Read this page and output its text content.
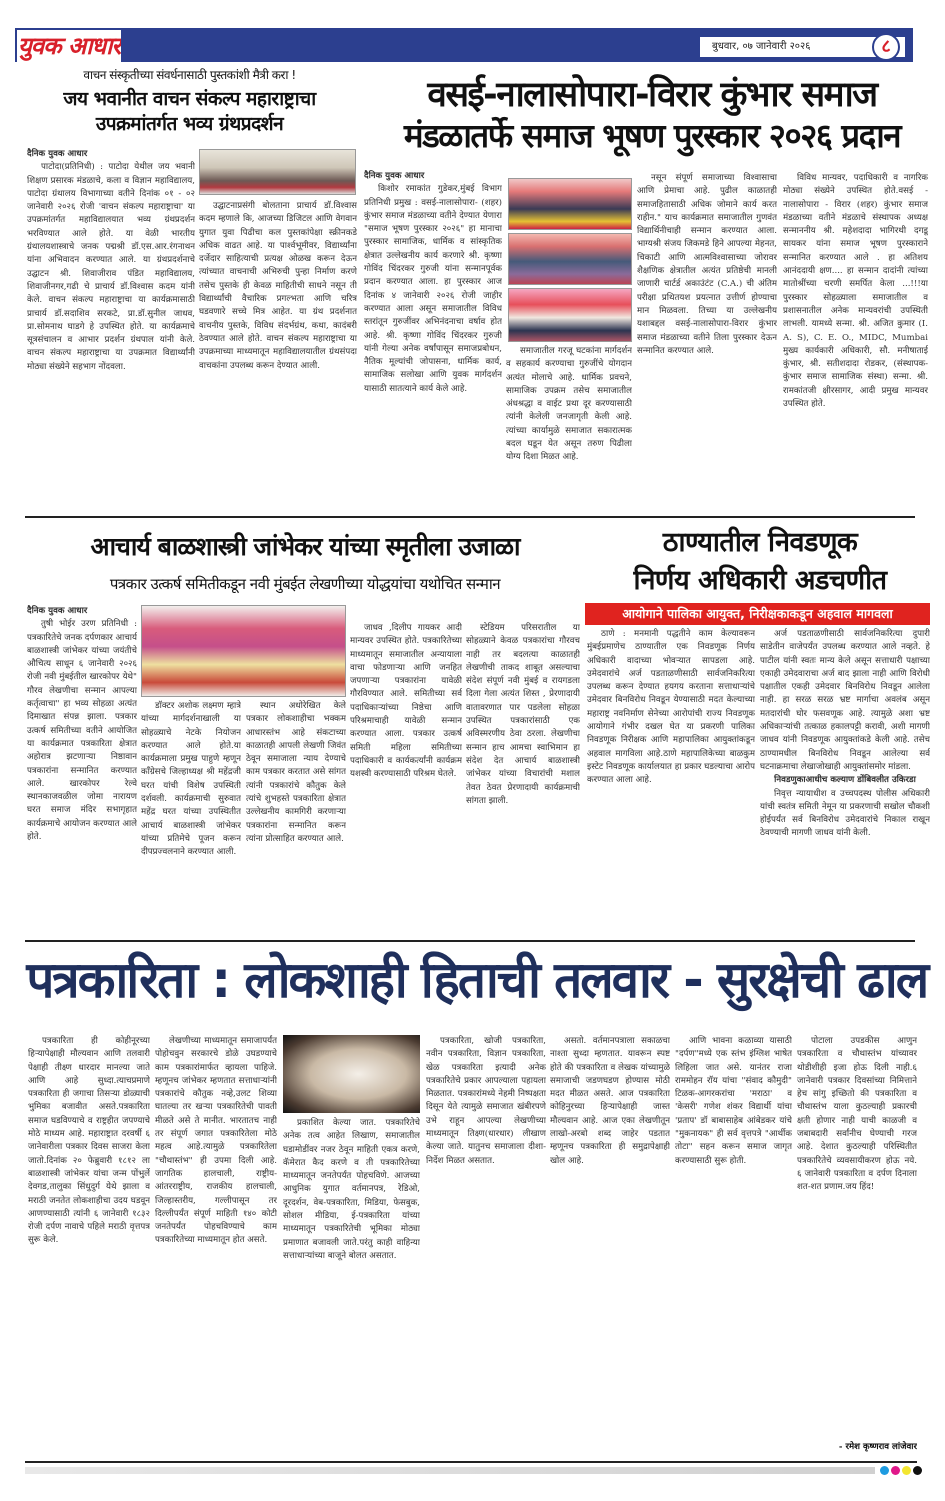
युवक आधार	बुधवार, ०७ जानेवारी २०२६	८
वाचन संस्कृतीच्या संवर्धनासाठी पुस्तकांशी मैत्री करा !
जय भवानीत वाचन संकल्प महाराष्ट्राचा
उपक्रमांतर्गत भव्य ग्रंथप्रदर्शन

दैनिक युवक आधार

पाटोदा(प्रतिनिधी) : पाटोदा येथील जय भवानी शिक्षण प्रसारक मंडळाचे, कला व विज्ञान महाविद्यालय, पाटोदा ग्रंथालय विभागाच्या वतीने दिनांक ०१ - ०२ जानेवारी २०२६ रोजी 'वाचन संकल्प महाराष्ट्राचा' या उपक्रमांतर्गत महाविद्यालयात भव्य ग्रंथप्रदर्शन भरविण्यात आले होते. या वेळी भारतीय ग्रंथालयशास्त्राचे जनक पद्मश्री डॉ.एस.आर.रंगनाथन यांना अभिवादन करण्यात आले. या ग्रंथप्रदर्शनाचे उद्घाटन श्री. शिवाजीराव पंडित महाविद्यालय, शिवाजीनगर,गढी चे प्राचार्य डॉ.विश्वास कदम यांनी केले. वाचन संकल्प महाराष्ट्राचा या कार्यक्रमासाठी प्राचार्य डॉ.सदाशिव सरकटे, प्रा.डॉ.सुनील जाधव, प्रा.सोमनाथ घाडगे हे उपस्थित होते. या कार्यक्रमाचे सूत्रसंचालन व आभार प्रदर्शन ग्रंथपाल यांनी केले. वाचन संकल्प महाराष्ट्राचा या उपक्रमात विद्यार्थ्यांनी मोठ्या संख्येने सहभाग नोंदवला.

उद्घाटनाप्रसंगी बोलताना प्राचार्य डॉ.विश्वास कदम म्हणाले कि, आजच्या डिजिटल आणि वेगवान युगात युवा पिढीचा कल पुस्तकांपेक्षा स्क्रीनकडे अधिक वाढत आहे. या पार्श्वभूमीवर, विद्यार्थ्यांना दर्जेदार साहित्याची प्रत्यक्ष ओळख करून देऊन त्यांच्यात वाचनाची अभिरुची पुन्हा निर्माण करणे तसेच पुस्तके ही केवळ माहितीची साधने नसून ती विद्यार्थ्यांची वैचारिक प्रगल्भता आणि चरित्र घडवणारे सच्चे मित्र आहेत. या ग्रंथ प्रदर्शनात वाचनीय पुस्तके, विविध संदर्भग्रंथ, कथा, कादंबरी ठेवण्यात आले होते. वाचन संकल्प महाराष्ट्राचा या उपक्रमाच्या माध्यमातून महाविद्यालयातील ग्रंथसंपदा वाचकांना उपलब्ध करून देण्यात आली.

वसई-नालासोपारा-विरार कुंभार समाज
मंडळातर्फे समाज भूषण पुरस्कार २०२६ प्रदान

दैनिक युवक आधार

किशोर रमाकांत गुडेकर,मुंबई विभाग प्रतिनिधी प्रमुख : वसई-नालासोपारा- (शहर) कुंभार समाज मंडळाच्या वतीने देण्यात येणारा "समाज भूषण पुरस्कार २०२६" हा मानाचा पुरस्कार सामाजिक, धार्मिक व सांस्कृतिक क्षेत्रात उल्लेखनीय कार्य करणारे श्री. कृष्णा गोविंद चिंदरकर गुरुजी यांना सन्मानपूर्वक प्रदान करण्यात आला. हा पुरस्कार आज दिनांक ४ जानेवारी २०२६ रोजी जाहीर करण्यात आला असून समाजातील विविध स्तरांतून गुरुजींवर अभिनंदनाचा वर्षाव होत आहे. श्री. कृष्णा गोविंद चिंदरकर गुरुजी यांनी गेल्या अनेक वर्षांपासून समाजप्रबोधन, नैतिक मूल्यांची जोपासना, धार्मिक कार्य, सामाजिक सलोखा आणि युवक मार्गदर्शन यासाठी सातत्याने कार्य केले आहे.

समाजातील गरजू घटकांना मार्गदर्शन व सहकार्य करण्याचा गुरुजींचे योगदान अत्यंत मोलाचे आहे. धार्मिक प्रवचने, सामाजिक उपक्रम तसेच समाजातील अंधश्रद्धा व वाईट प्रथा दूर करण्यासाठी त्यांनी केलेली जनजागृती केली आहे. त्यांच्या कार्यामुळे समाजात सकारात्मक बदल घडून येत असून तरुण पिढीला योग्य दिशा मिळत आहे.

नसून संपूर्ण समाजाच्या विश्वासाचा आणि प्रेमाचा आहे. पुढील काळातही समाजहितासाठी अधिक जोमाने कार्य करत राहीन." याच कार्यक्रमात समाजातील गुणवंत विद्यार्थिनीचाही सन्मान करण्यात आला. भाग्यश्री संजय जिकमडे हिने आपल्या मेहनत, चिकाटी आणि आत्मविश्वासाच्या जोरावर शैक्षणिक क्षेत्रातील अत्यंत प्रतिष्ठेची मानली जाणारी चार्टर्ड अकाउंटंट (C.A.) ची अंतिम परीक्षा प्रथितयश प्रयत्नात उत्तीर्ण होण्याचा मान मिळवला. तिच्या या उल्लेखनीय यशाबद्दल वसई-नालासोपारा-विरार कुंभार समाज मंडळाच्या वतीने तिला पुरस्कार देऊन सन्मानित करण्यात आले.

विविध मान्यवर, पदाधिकारी व नागरिक मोठ्या संख्येने उपस्थित होते.वसई - नालासोपारा - विरार (शहर) कुंभार समाज मंडळाच्या वतीने मंडळाचे संस्थापक अध्यक्ष सन्माननीय श्री. महेशदादा भागिरथी दगडू सायकर यांना समाज भूषण पुरस्काराने सन्मानित करण्यात आले . हा अतिशय आनंददायी क्षण.... हा सन्मान दादांनी त्यांच्या मातोश्रींच्या चरणी समर्पित केला ...!!!या पुरस्कार सोहळ्याला समाजातील व प्रशासनातील अनेक मान्यवरांची उपस्थिती लाभली. यामध्ये सन्मा. श्री. अजित कुमार (I. A. S), C. E. O., MIDC, Mumbai मुख्य कार्यकारी अधिकारी, सौ. मनीषाताई कुंभार, श्री. सतीशदादा रोडकर, (संस्थापक- कुंभार समाज सामाजिक संस्था) सन्मा. श्री. रामकांतजी क्षीरसागर, आदी प्रमुख मान्यवर उपस्थित होते.

आचार्य बाळशास्त्री जांभेकर यांच्या स्मृतीला उजाळा
पत्रकार उत्कर्ष समितीकडून नवी मुंबईत लेखणीच्या योद्धयांचा यथोचित सन्मान

दैनिक युवक आधार

तुषी भोईर उरण प्रतिनिधी : पत्रकारितेचे जनक दर्पणकार आचार्य बाळशास्त्री जांभेकर यांच्या जयंतीचे औचित्य साधून ६ जानेवारी २०२६ रोजी नवी मुंबईतील खारकोपर येथे" गौरव लेखणीचा सन्मान आपल्या कर्तृत्वाचा" हा भव्य सोहळा अत्यंत दिमाखात संपन्न झाला. पत्रकार उत्कर्ष समितीच्या वतीने आयोजित या कार्यक्रमात पत्रकारिता क्षेत्रात अहोरात्र झटणाऱ्या निष्ठावान पत्रकारांना सन्मानित करण्यात आले. खारकोपर रेल्वे स्थानकाजवळील जोमा नारायण घरत समाज मंदिर सभागृहात कार्यक्रमाचे आयोजन करण्यात आले होते.

डॉक्टर अशोक लक्ष्मण म्हात्रे यांच्या मार्गदर्शनाखाली या सोहळ्याचे नेटके नियोजन करण्यात आले होते.या कार्यक्रमाला प्रमुख पाहुणे म्हणून कॉंग्रेसचे जिल्हाध्यक्ष श्री महेंद्रजी घरत यांची विशेष उपस्थिती दर्शवली. कार्यक्रमाची सुरुवात महेंद्र घरत यांच्या उपस्थितीत आचार्य बाळशास्त्री जांभेकर यांच्या प्रतिमेचे पूजन करून दीपप्रज्वलनाने करण्यात आली.

स्थान अधोरेखित केले पत्रकार लोकशाहीचा भक्कम आधारस्तंभ आहे संकटाच्या काळातही आपली लेखणी जिवंत ठेवून समाजाला न्याय देण्याचे काम पत्रकार करतात असे सांगत त्यांनी पत्रकारांचे कौतुक केले त्यांचे शुभहस्ते पत्रकारिता क्षेत्रात उल्लेखनीय कामगिरी करणाऱ्या पत्रकारांना सन्मानित करून त्यांना प्रोत्साहित करण्यात आले.

जाधव ,दिलीप गायकर आदी मान्यवर उपस्थित होते. पत्रकारितेच्या माध्यमातून समाजातील अन्यायाला वाचा फोडणाऱ्या आणि जनहित जपणाऱ्या पत्रकारांना यावेळी गौरविण्यात आले. समितीच्या सर्व पदाधिकाऱ्यांच्या निष्ठेचा आणि परिश्रमाचाही यावेळी सन्मान करण्यात आला. पत्रकार उत्कर्ष समिती महिला समितीच्या पदाधिकारी व कार्यकर्त्यांनी कार्यक्रम यशस्वी करण्यासाठी परिश्रम घेतले.

स्टेडियम परिसरातील या सोहळ्याने केवळ पत्रकारांचा गौरवच नाही तर बदलत्या काळातही लेखणीची ताकद शाबूत असल्याचा संदेश संपूर्ण नवी मुंबई व रायगडला दिला गेला अत्यंत शिस्त , प्रेरणादायी वातावरणात पार पडलेला सोहळा उपस्थित पत्रकारांसाठी एक अविस्मरणीय ठेवा ठरला. लेखणीचा सन्मान हाच आमचा स्वाभिमान हा संदेश देत आचार्य बाळशास्त्री जांभेकर यांच्या विचारांची मशाल तेवत ठेवत प्रेरणादायी कार्यक्रमाची सांगता झाली.

ठाण्यातील निवडणूक
निर्णय अधिकारी अडचणीत
आयोगाने पालिका आयुक्त, निरीक्षकाकडून अहवाल मागवला

ठाणे : मनमानी पद्धतीने काम केल्यावरून मुंबईप्रमाणेच ठाण्यातील एक निवडणूक निर्णय अधिकारी वादाच्या भोवऱ्यात सापडला आहे. उमेदवारांचे अर्ज पडताळणीसाठी सार्वजनिकरित्या उपलब्ध करून देण्यात हयगय करताना सत्ताधाऱ्यांचे उमेदवार बिनविरोध निवडून येण्यासाठी मदत केल्याच्या महाराष्ट्र नवनिर्माण सेनेच्या आरोपांची राज्य निवडणूक आयोगाने गंभीर दखल घेत या प्रकरणी पालिका निवडणूक निरीक्षक आणि महापालिका आयुक्तांकडून अहवाल मागविला आहे.ठाणे महापालिकेच्या बाळकुम इस्टेट निवडणूक कार्यालयात हा प्रकार घडल्याचा आरोप करण्यात आला आहे.

अर्ज पडताळणीसाठी सार्वजनिकरित्या दुपारी साडेतीन वाजेपर्यंत उपलब्ध करण्यात आले नव्हते. हे पाटील यांनी स्वतः मान्य केले असून सत्ताधारी पक्षाच्या एकाही उमेदवाराचा अर्ज बाद झाला नाही आणि विरोधी पक्षातील एकही उमेदवार बिनविरोध निवडून आलेला नाही. हा सरळ सरळ भ्रष्ट मार्गाचा अवलंब असून मतदारांची घोर फसवणूक आहे. त्यामुळे अशा भ्रष्ट अधिकाऱ्यांची तत्काळ हकालपट्टी करावी, अशी मागणी जाधव यांनी निवडणूक आयुक्तांकडे केली आहे. तसेच ठाण्यामधील बिनविरोध निवडून आलेल्या सर्व घटनाक्रमाचा लेखाजोखाही आयुक्तांसमोर मांडला.

निवडणुकाआधीच कल्याण डोंबिवलीत उकिरडा

निवृत्त न्यायाधीश व उच्चपदस्थ पोलीस अधिकारी यांची स्वतंत्र समिती नेमून या प्रकरणाची सखोल चौकशी होईपर्यंत सर्व बिनविरोध उमेदवारांचे निकाल राखून ठेवण्याची मागणी जाधव यांनी केली.

पत्रकारिता : लोकशाही हिताची तलवार - सुरक्षेची ढाल

पत्रकारिता ही कोहीनूरच्या हिऱ्यापेक्षाही मौल्यवान आणि तलवारी पेक्षाही तीक्ष्ण धारदार मानल्या जाते आणि आहे सुध्दा.त्याचप्रमाणे पत्रकारिता ही जगाचा तिसऱ्या डोळ्याची भुमिका बजावीत असते.पत्रकारिता समाज घडविण्याचे व राष्ट्रहीत जपण्याचे मोठे माध्यम आहे. महाराष्ट्रात दरवर्षी ६ जानेवारीला पत्रकार दिवस साजरा केला जातो.दिनांक २० फेब्रुवारी १८१२ ला बाळशास्त्री जांभेकर यांचा जन्म पोंभुर्ले देवगड,तालुका सिंधुदुर्ग येथे झाला व मराठी जनतेत लोकशाहीचा उदय घडवून आणण्यासाठी त्यांनी ६ जानेवारी १८३२ रोजी दर्पण नावाचे पहिले मराठी वृत्तपत्र सुरू केले.

लेखणीच्या माध्यमातून समाजापर्यंत पोहोचवुन सरकारचे डोळे उघडण्याचे काम पत्रकारांमार्फत व्हायला पाहिजे. म्हणूनच जांभेकर म्हणतात सत्ताधाऱ्यांनी पत्रकारांचे कौतुक नव्हे,उलट शिव्या घातल्या तर खऱ्या पत्रकारितेची पावती मीळते असे ते मानीत. भारतातच नाही तर संपूर्ण जगात पत्रकारितेला मोठे महत्व आहे.त्यामुळे पत्रकारितेला "चौथास्तंभ" ही उपमा दिली आहे. जागतिक हालचाली, राष्ट्रीय-आंतरराष्ट्रीय, राजकीय हालचाली, जिल्हास्तरीय, गल्लीपासून तर दिल्लीपर्यंत संपूर्ण माहिती १४० कोटी जनतेपर्यंत पोहचविण्याचे काम पत्रकारितेच्या माध्यमातून होत असते.

प्रकाशित केल्या जात. पत्रकारितेचे अनेक तत्व आहेत लिखाण, समाजातील घडामोडींवर नजर ठेवून माहिती एकत्र करणे, कॅमेरात कैद करणे व ती पत्रकारितेच्या माध्यमातून जनतेपर्यंत पोहचविणे. आजच्या आधुनिक युगात वर्तमानपत्र, रेडिओ, दूरदर्शन, वेब-पत्रकारिता, मिडिया, फेसबुक, सोशल मीडिया, ई-पत्रकारिता यांच्या माध्यमातून पत्रकारितेची भूमिका मोठ्या प्रमाणात बजावली जाते.परंतु काही वाहिन्या सत्ताधाऱ्यांच्या बाजूने बोलत असतात.

पत्रकारिता, खोजी पत्रकारिता, नवीन पत्रकारिता, विज्ञान पत्रकारिता, खेळ पत्रकारिता इत्यादी अनेक पत्रकारितेचे प्रकार आपल्याला पहायला मिळतात. पत्रकारांमध्ये नेहमी निष्पक्षता दिसून येते त्यामुळे समाजात खंबीरपणे उभे राहून आपल्या लेखणीच्या माध्यमातून तिक्ष्ण(धारधार) लीखाण केल्या जाते. यातुनच समाजाला दीशा-निर्देश मिळत असतात.

असतो. वर्तमानपत्राला सकाळचा नाश्ता सुध्दा म्हणतात. यावरून स्पष्ट होते की पत्रकारिता व लेखक यांच्यामुळे समाजाची जडणघडण होण्यास मोठी मदत मीळत असते. आज पत्रकारिता कोहिनुरच्या हिऱ्यापेक्षाही जास्त मौल्यवान आहे. आज एका लेखणीतून लाखो-अरबो शब्द जाहेर पडतात म्हणूनच पत्रकारिता ही समुद्रापेक्षाही खोल आहे.

आणि भावना कळाव्या यासाठी "दर्पण"मध्ये एक स्तंभ इंग्लिश भाषेत लिहिला जात असे. यानंतर राजा राममोहन रॉय यांचा "संवाद कौमुदी" टिळक-आगरकरांचा 'मराठा' व 'केसरी' गणेश शंकर विद्यार्थी यांचा 'प्रताप' डॉ बाबासाहेब आंबेडकर यांचे "मुकनायक" ही सर्व वृत्तपत्रे "आर्थीक तोटा" सहन करून समाज जागृत करण्यासाठी सुरू होती.

पोटाला उपडकीस आणुन पत्रकारिता व चौथास्तंभ यांच्यावर थोडीशीही इजा होऊ दिली नाही.६ जानेवारी पत्रकार दिवसांच्या निमित्ताने हेच सांगु इच्छितो की पत्रकारिता व चौथास्तंभ याला कुठल्याही प्रकारची क्षती होणार नाही याची काळजी व जबाबदारी सर्वांनीच घेण्याची गरज आहे. देशात कुठल्याही परिस्थितीत पत्रकारितेचे व्यवसायीकरण होऊ नये. ६ जानेवारी पत्रकारिता व दर्पण दिनाला शत-शत प्रणाम.जय हिंद!

- रमेश कृष्णराव लांजेवार
